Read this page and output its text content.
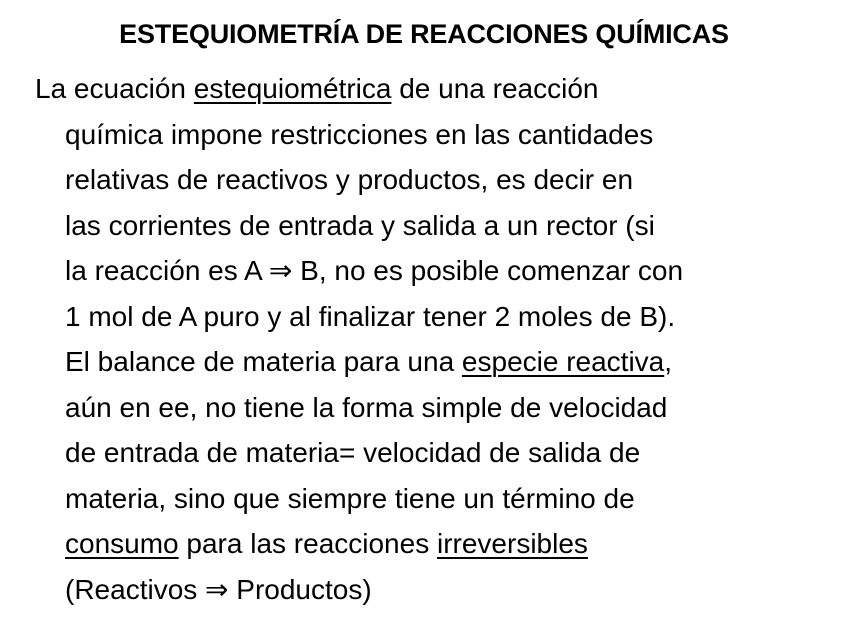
ESTEQUIOMETRÍA DE REACCIONES QUÍMICAS
La ecuación estequiométrica de una reacción
química impone restricciones en las cantidades
relativas de reactivos y productos, es decir en
las corrientes de entrada y salida a un rector (si
la reacción es A ⇒ B, no es posible comenzar con
1 mol de A puro y al finalizar tener 2 moles de B).
El balance de materia para una especie reactiva,
aún en ee, no tiene la forma simple de velocidad
de entrada de materia= velocidad de salida de
materia, sino que siempre tiene un término de
consumo para las reacciones irreversibles
(Reactivos ⇒ Productos)
